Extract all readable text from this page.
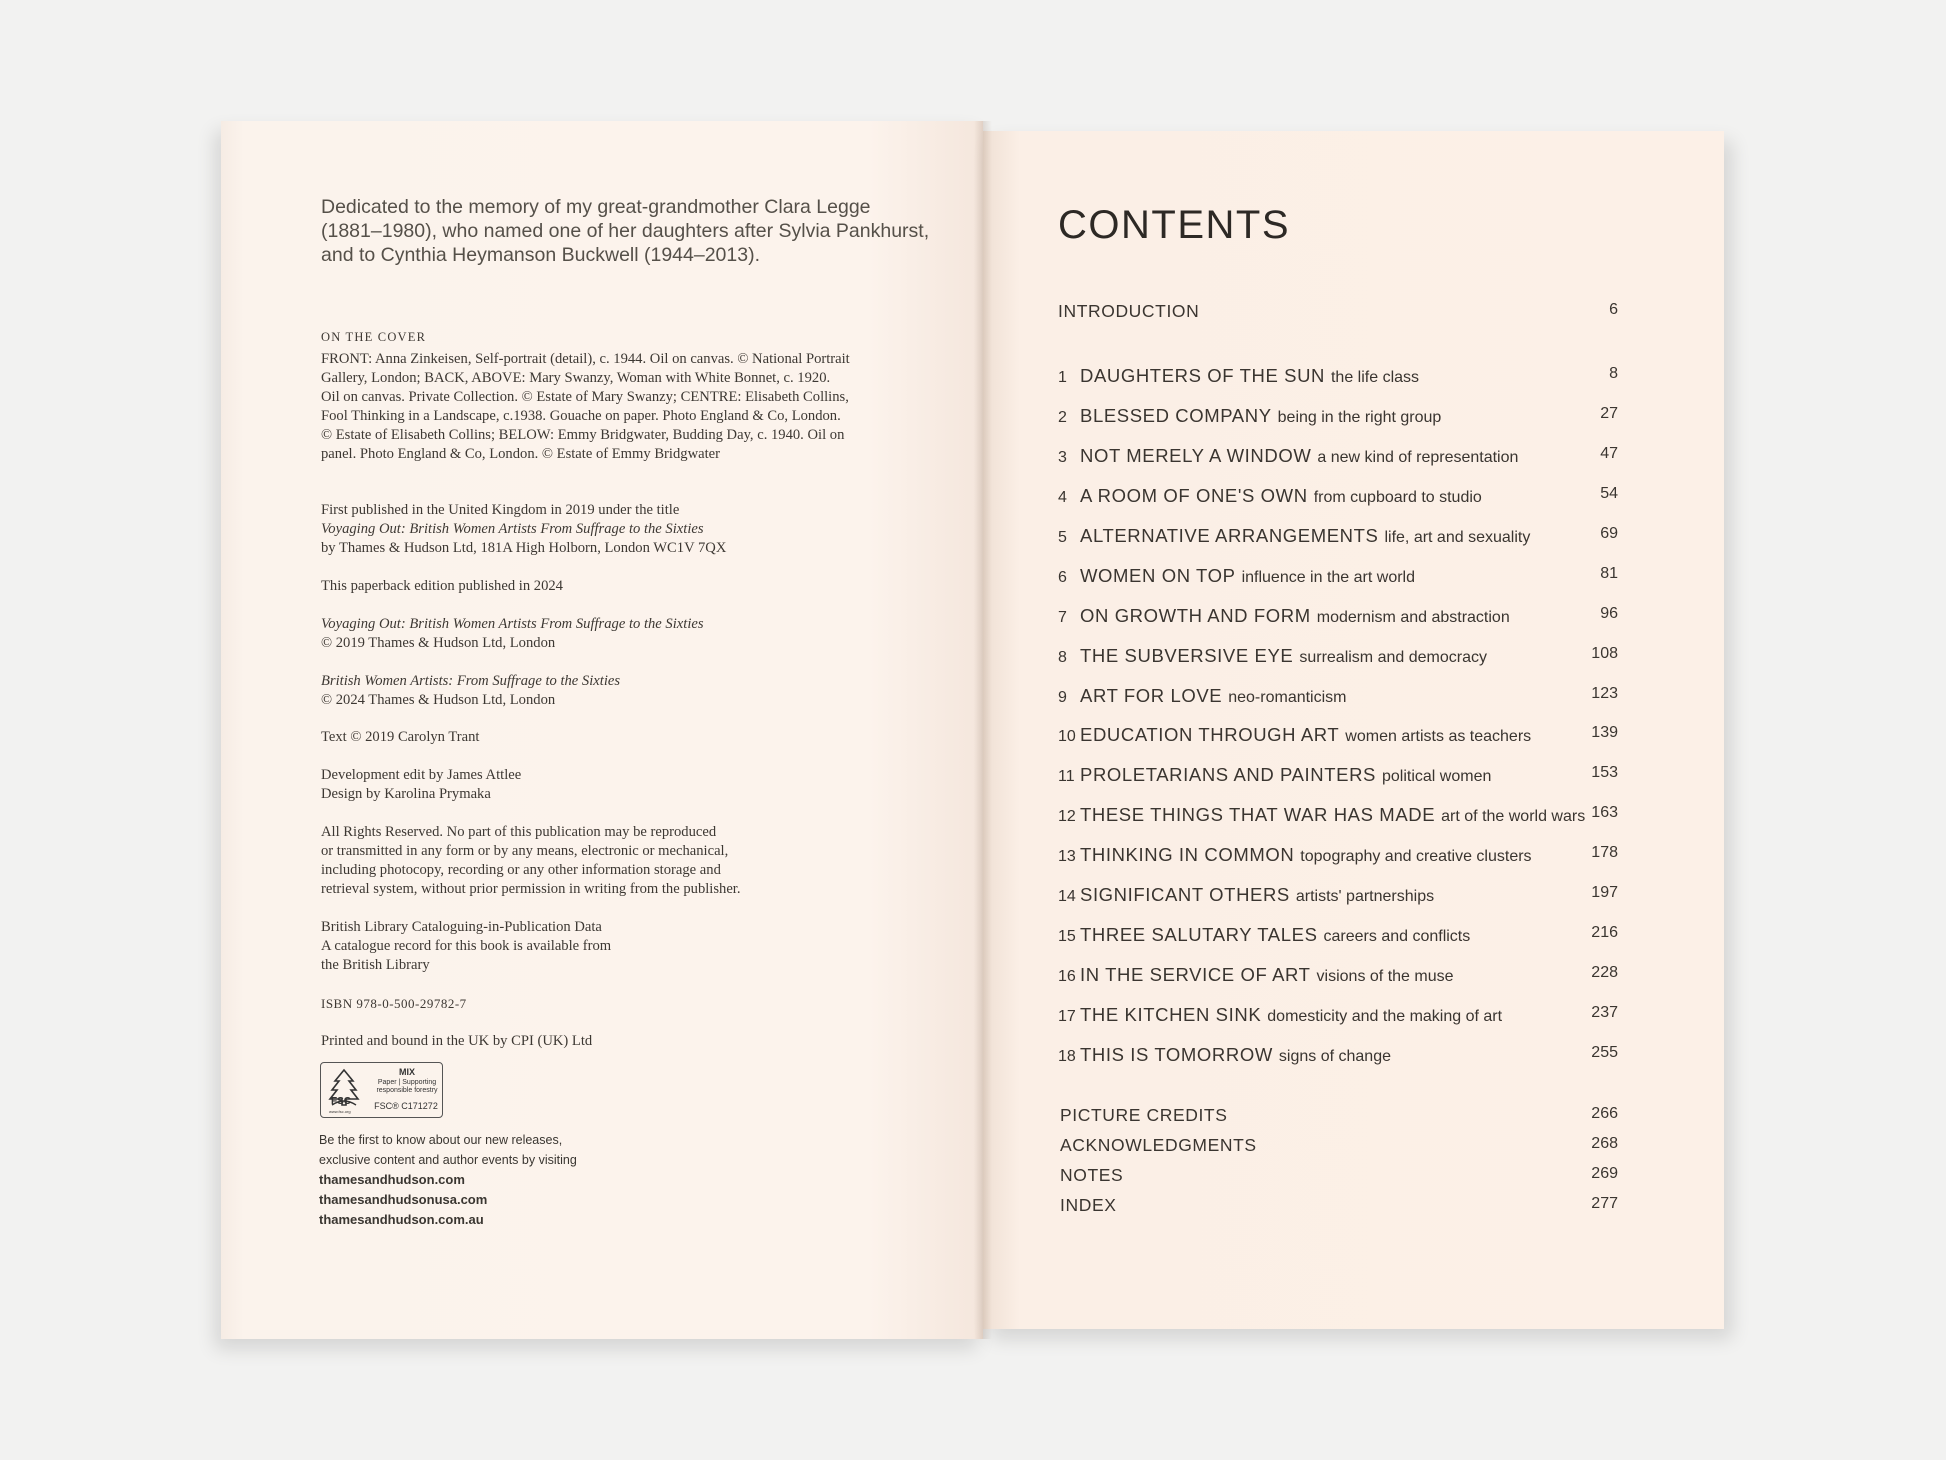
Dedicated to the memory of my great-grandmother Clara Legge
(1881–1980), who named one of her daughters after Sylvia Pankhurst,
and to Cynthia Heymanson Buckwell (1944–2013).
ON THE COVER
FRONT: Anna Zinkeisen, Self-portrait (detail), c. 1944. Oil on canvas. © National Portrait
Gallery, London; BACK, ABOVE: Mary Swanzy, Woman with White Bonnet, c. 1920.
Oil on canvas. Private Collection. © Estate of Mary Swanzy; CENTRE: Elisabeth Collins,
Fool Thinking in a Landscape, c.1938. Gouache on paper. Photo England & Co, London.
© Estate of Elisabeth Collins; BELOW: Emmy Bridgwater, Budding Day, c. 1940. Oil on
panel. Photo England & Co, London. © Estate of Emmy Bridgwater
First published in the United Kingdom in 2019 under the title
Voyaging Out: British Women Artists From Suffrage to the Sixties
by Thames & Hudson Ltd, 181A High Holborn, London WC1V 7QX
This paperback edition published in 2024
Voyaging Out: British Women Artists From Suffrage to the Sixties
© 2019 Thames & Hudson Ltd, London
British Women Artists: From Suffrage to the Sixties
© 2024 Thames & Hudson Ltd, London
Text © 2019 Carolyn Trant
Development edit by James Attlee
Design by Karolina Prymaka
All Rights Reserved. No part of this publication may be reproduced
or transmitted in any form or by any means, electronic or mechanical,
including photocopy, recording or any other information storage and
retrieval system, without prior permission in writing from the publisher.
British Library Cataloguing-in-Publication Data
A catalogue record for this book is available from
the British Library
ISBN 978-0-500-29782-7
Printed and bound in the UK by CPI (UK) Ltd
FSC
www.fsc.org
MIX
Paper | Supporting responsible forestry
FSC® C171272
Be the first to know about our new releases,
exclusive content and author events by visiting
thamesandhudson.com
thamesandhudsonusa.com
thamesandhudson.com.au
CONTENTS
INTRODUCTION	6
1 DAUGHTERS OF THE SUN the life class	8
2 BLESSED COMPANY being in the right group	27
3 NOT MERELY A WINDOW a new kind of representation	47
4 A ROOM OF ONE'S OWN from cupboard to studio	54
5 ALTERNATIVE ARRANGEMENTS life, art and sexuality	69
6 WOMEN ON TOP influence in the art world	81
7 ON GROWTH AND FORM modernism and abstraction	96
8 THE SUBVERSIVE EYE surrealism and democracy	108
9 ART FOR LOVE neo-romanticism	123
10 EDUCATION THROUGH ART women artists as teachers	139
11 PROLETARIANS AND PAINTERS political women	153
12 THESE THINGS THAT WAR HAS MADE art of the world wars 163
13 THINKING IN COMMON topography and creative clusters	178
14 SIGNIFICANT OTHERS artists' partnerships	197
15 THREE SALUTARY TALES careers and conflicts	216
16 IN THE SERVICE OF ART visions of the muse	228
17 THE KITCHEN SINK domesticity and the making of art	237
18 THIS IS TOMORROW signs of change	255
PICTURE CREDITS	266
ACKNOWLEDGMENTS	268
NOTES	269
INDEX	277
